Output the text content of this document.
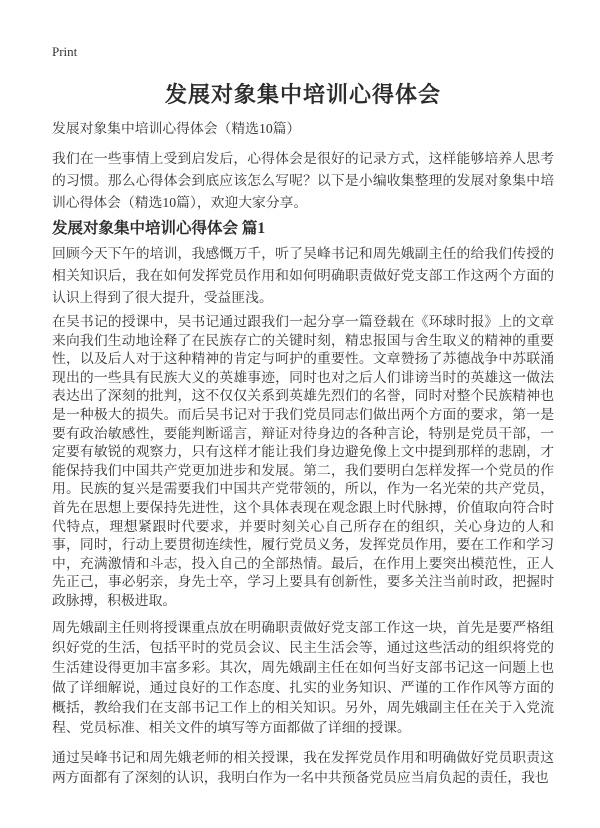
Print
发展对象集中培训心得体会

发展对象集中培训心得体会（精选10篇）

我们在一些事情上受到启发后，心得体会是很好的记录方式，这样能够培养人思考的习惯。那么心得体会到底应该怎么写呢？以下是小编收集整理的发展对象集中培训心得体会（精选10篇），欢迎大家分享。

发展对象集中培训心得体会 篇1

回顾今天下午的培训，我感慨万千，听了吴峰书记和周先娥副主任的给我们传授的相关知识后，我在如何发挥党员作用和如何明确职责做好党支部工作这两个方面的认识上得到了很大提升，受益匪浅。

在吴书记的授课中，吴书记通过跟我们一起分享一篇登载在《环球时报》上的文章来向我们生动地诠释了在民族存亡的关键时刻，精忠报国与舍生取义的精神的重要性，以及后人对于这种精神的肯定与呵护的重要性。文章赞扬了苏德战争中苏联涌现出的一些具有民族大义的英雄事迹，同时也对之后人们诽谤当时的英雄这一做法表达出了深刻的批判，这不仅仅关系到英雄先烈们的名誉，同时对整个民族精神也是一种极大的损失。而后吴书记对于我们党员同志们做出两个方面的要求，第一是要有政治敏感性，要能判断谣言，辩证对待身边的各种言论，特别是党员干部，一定要有敏锐的观察力，只有这样才能让我们身边避免像上文中提到那样的悲剧，才能保持我们中国共产党更加进步和发展。第二，我们要明白怎样发挥一个党员的作用。民族的复兴是需要我们中国共产党带领的，所以，作为一名光荣的共产党员，首先在思想上要保持先进性，这个具体表现在观念跟上时代脉搏，价值取向符合时代特点，理想紧跟时代要求，并要时刻关心自己所存在的组织，关心身边的人和事，同时，行动上要贯彻连续性，履行党员义务，发挥党员作用，要在工作和学习中，充满激情和斗志，投入自己的全部热情。最后，在作用上要突出模范性，正人先正己，事必躬亲，身先士卒，学习上要具有创新性，要多关注当前时政，把握时政脉搏，积极进取。

周先娥副主任则将授课重点放在明确职责做好党支部工作这一块，首先是要严格组织好党的生活，包括平时的党员会议、民主生活会等，通过这些活动的组织将党的生活建设得更加丰富多彩。其次，周先娥副主任在如何当好支部书记这一问题上也做了详细解说，通过良好的工作态度、扎实的业务知识、严谨的工作作风等方面的概括，教给我们在支部书记工作上的相关知识。另外，周先娥副主任在关于入党流程、党员标准、相关文件的填写等方面都做了详细的授课。

通过吴峰书记和周先娥老师的相关授课，我在发挥党员作用和明确做好党员职责这两方面都有了深刻的认识，我明白作为一名中共预备党员应当肩负起的责任，我也
